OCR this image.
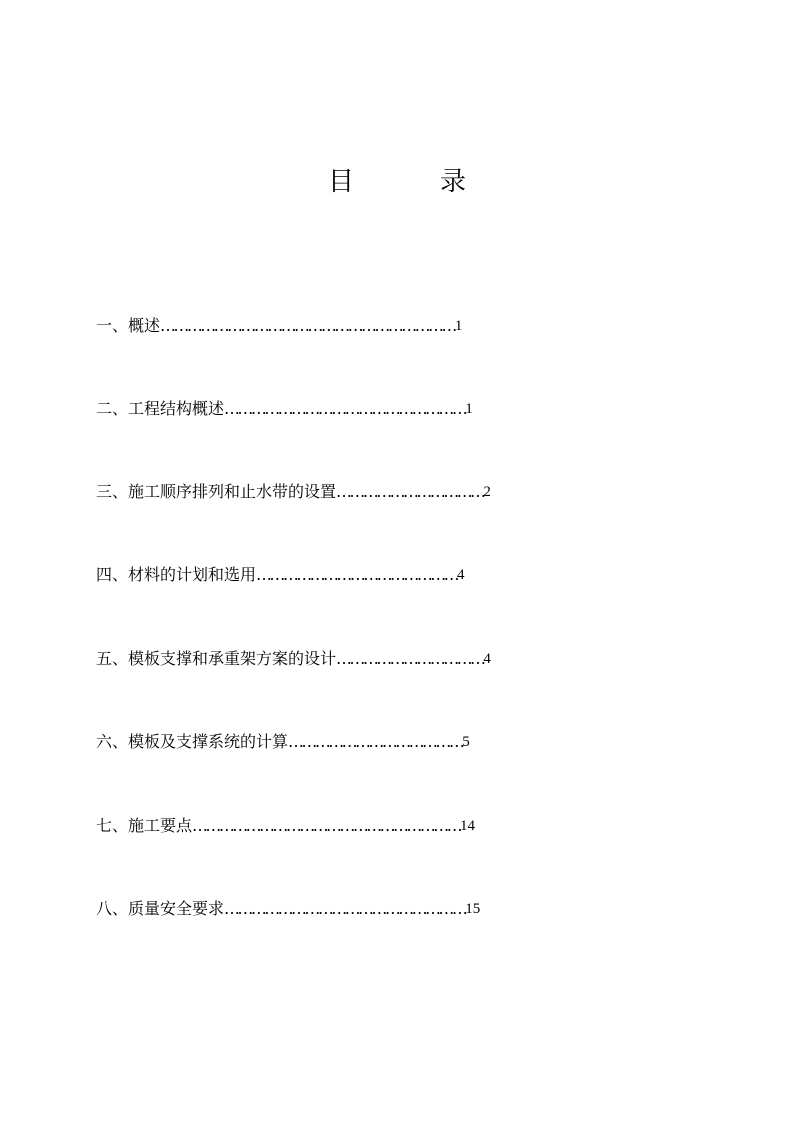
目	录
一、概述…………………………………………………………1
二、工程结构概述………………………………………………1
三、施工顺序排列和止水带的设置……………………………2
四、材料的计划和选用………………………………………4
五、模板支撑和承重架方案的设计……………………………4
六、模板及支撑系统的计算…………………………………5
七、施工要点……………………………………………………14
八、质量安全要求………………………………………………15
